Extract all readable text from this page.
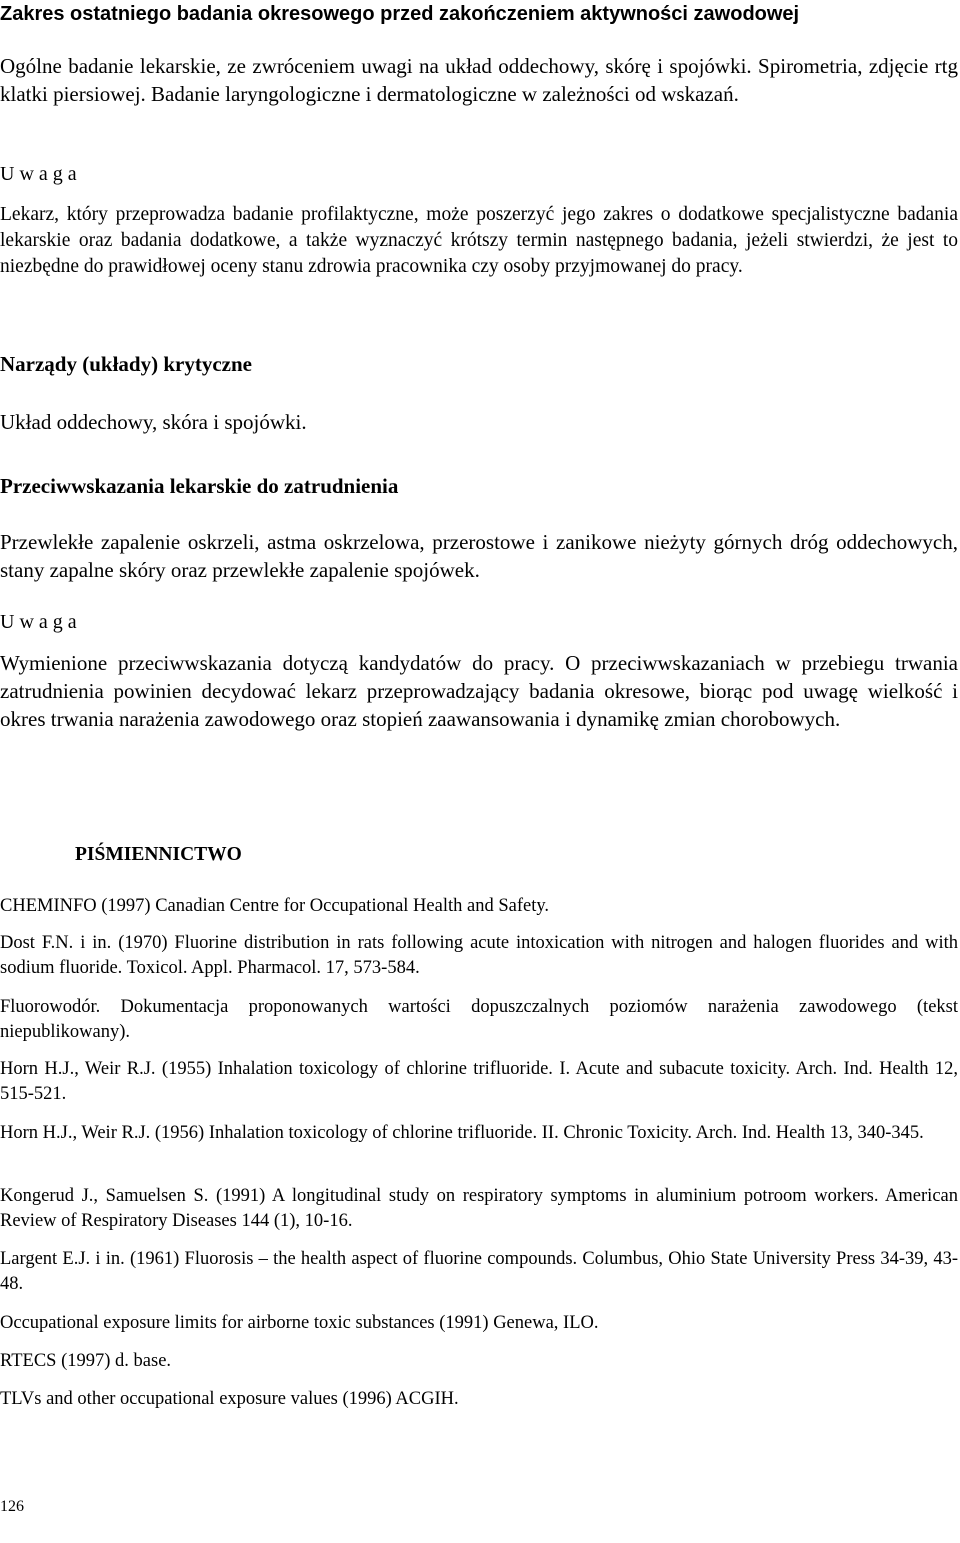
Zakres ostatniego badania okresowego przed zakończeniem aktywności zawodowej

Ogólne badanie lekarskie, ze zwróceniem uwagi na układ oddechowy, skórę i spojówki. Spirometria, zdjęcie rtg klatki piersiowej. Badanie laryngologiczne i dermatologiczne w zależności od wskazań.

Uwaga

Lekarz, który przeprowadza badanie profilaktyczne, może poszerzyć jego zakres o dodatkowe specjalistyczne badania lekarskie oraz badania dodatkowe, a także wyznaczyć krótszy termin następnego badania, jeżeli stwierdzi, że jest to niezbędne do prawidłowej oceny stanu zdrowia pracownika czy osoby przyjmowanej do pracy.

Narządy (układy) krytyczne

Układ oddechowy, skóra i spojówki.

Przeciwwskazania lekarskie do zatrudnienia

Przewlekłe zapalenie oskrzeli, astma oskrzelowa, przerostowe i zanikowe nieżyty górnych dróg oddechowych, stany zapalne skóry oraz przewlekłe zapalenie spojówek.

Uwaga

Wymienione przeciwwskazania dotyczą kandydatów do pracy. O przeciwwskazaniach w przebiegu trwania zatrudnienia powinien decydować lekarz przeprowadzający badania okresowe, biorąc pod uwagę wielkość i okres trwania narażenia zawodowego oraz stopień zaawansowania i dynamikę zmian chorobowych.

PIŚMIENNICTWO

CHEMINFO (1997) Canadian Centre for Occupational Health and Safety.

Dost F.N. i in. (1970) Fluorine distribution in rats following acute intoxication with nitrogen and halogen fluorides and with sodium fluoride. Toxicol. Appl. Pharmacol. 17, 573-584.

Fluorowodór. Dokumentacja proponowanych wartości dopuszczalnych poziomów narażenia zawodowego (tekst niepublikowany).

Horn H.J., Weir R.J. (1955) Inhalation toxicology of chlorine trifluoride. I. Acute and subacute toxicity. Arch. Ind. Health 12, 515-521.

Horn H.J., Weir R.J. (1956) Inhalation toxicology of chlorine trifluoride. II. Chronic Toxicity. Arch. Ind. Health 13, 340-345.

Kongerud J., Samuelsen S. (1991) A longitudinal study on respiratory symptoms in aluminium potroom workers. American Review of Respiratory Diseases 144 (1), 10-16.

Largent E.J. i in. (1961) Fluorosis – the health aspect of fluorine compounds. Columbus, Ohio State University Press 34-39, 43-48.

Occupational exposure limits for airborne toxic substances (1991) Genewa, ILO.

RTECS (1997) d. base.

TLVs and other occupational exposure values (1996) ACGIH.

126
